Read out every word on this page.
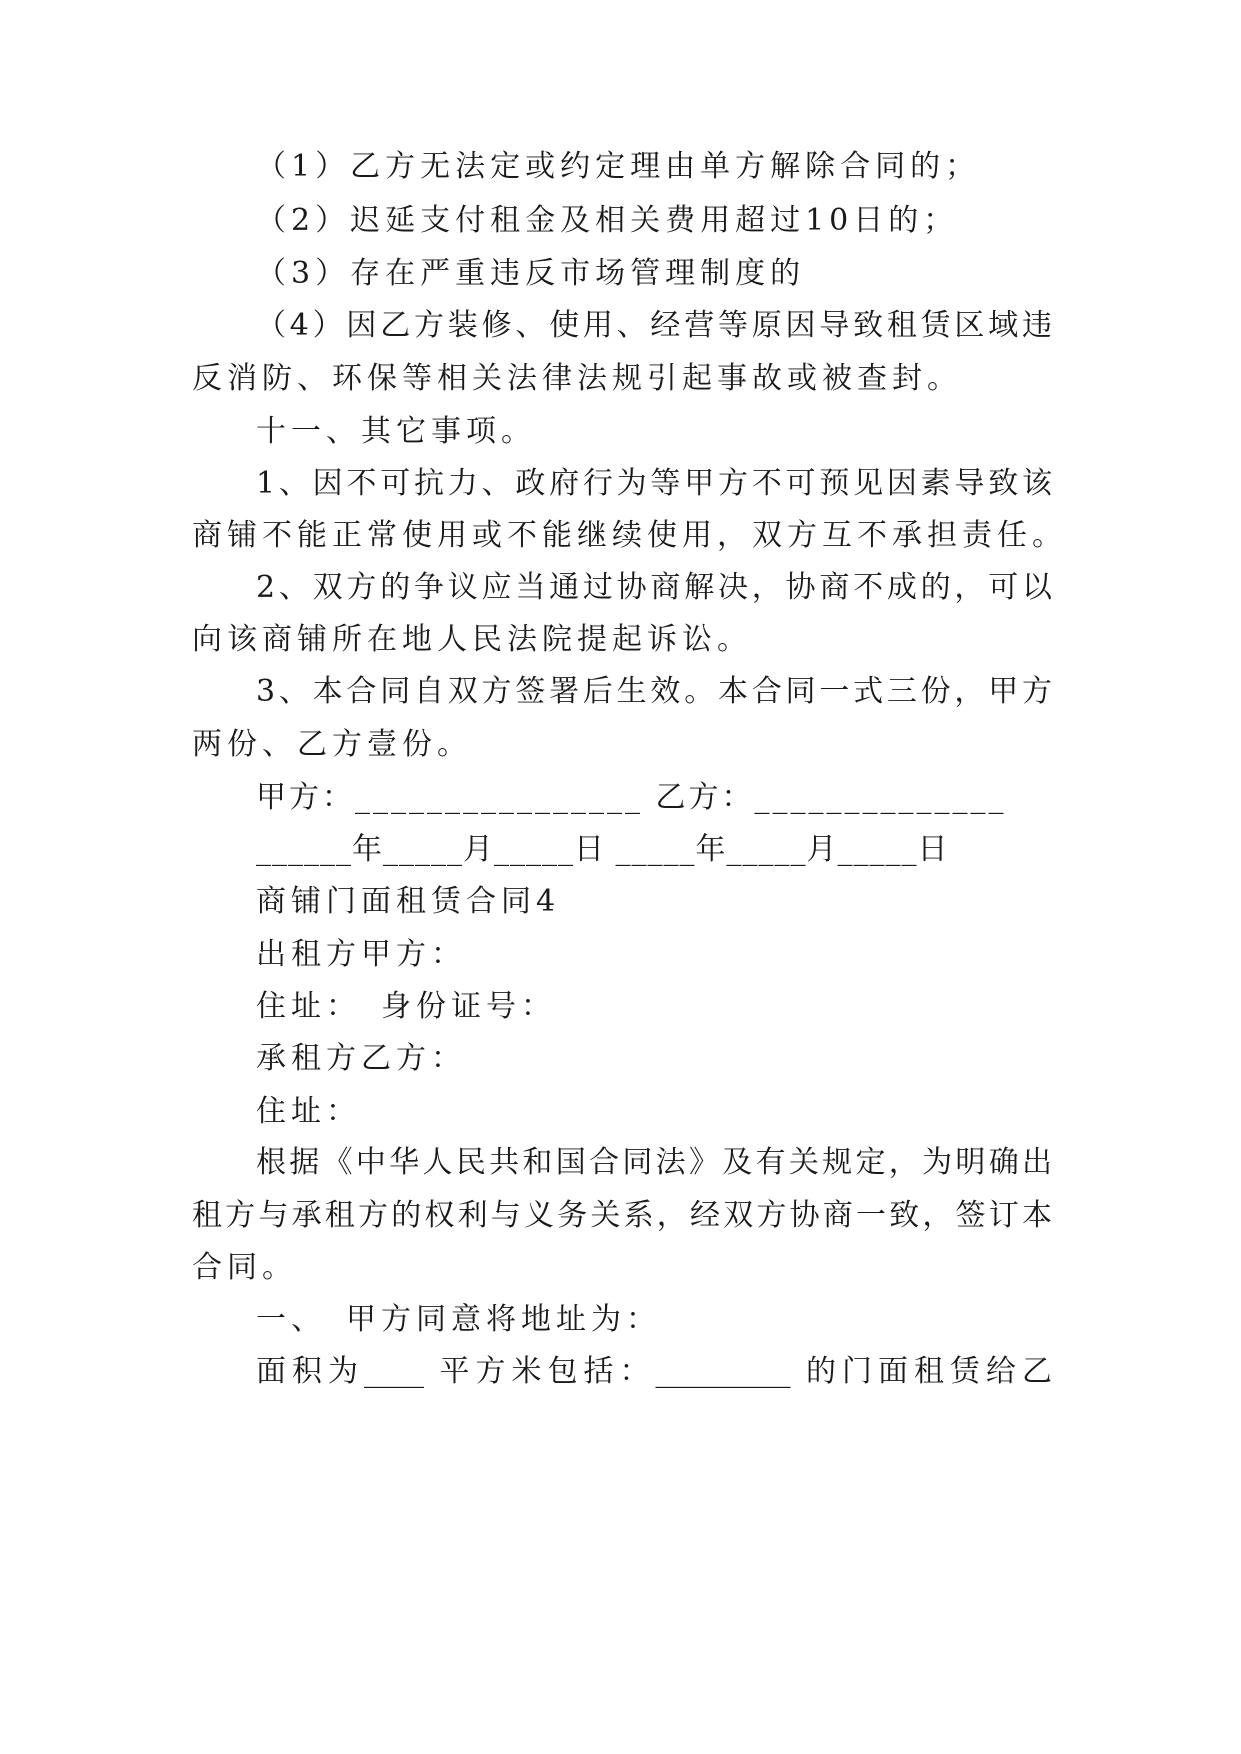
（1）乙方无法定或约定理由单方解除合同的；
（2）迟延支付租金及相关费用超过10日的；
（3）存在严重违反市场管理制度的
（4）因乙方装修、使用、经营等原因导致租赁区域违
反消防、环保等相关法律法规引起事故或被查封。
十一、其它事项。
1、因不可抗力、政府行为等甲方不可预见因素导致该
商铺不能正常使用或不能继续使用，双方互不承担责任。
2、双方的争议应当通过协商解决，协商不成的，可以
向该商铺所在地人民法院提起诉讼。
3、本合同自双方签署后生效。本合同一式三份，甲方
两份、乙方壹份。
甲方：________________ 乙方：______________
______年_____月_____日 _____年_____月_____日
商铺门面租赁合同4
出租方甲方：
住址：　身份证号：
承租方乙方：
住址：
根据《中华人民共和国合同法》及有关规定，为明确出
租方与承租方的权利与义务关系，经双方协商一致，签订本
合同。
一、　甲方同意将地址为：
面积为____ 平方米包括：_________ 的门面租赁给乙
